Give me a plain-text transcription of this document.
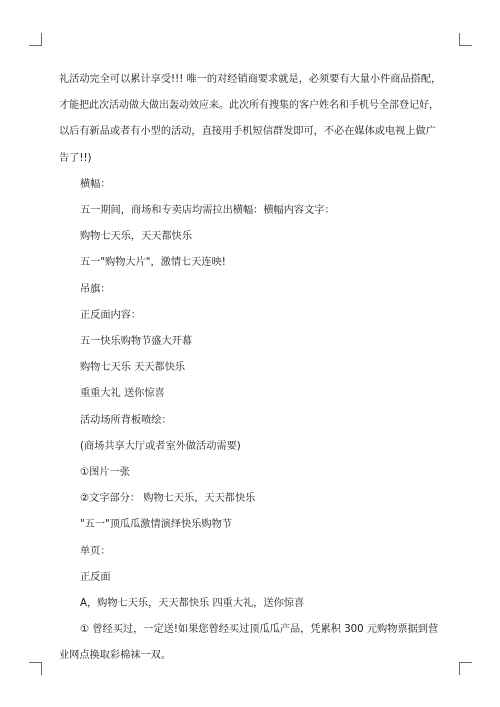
礼活动完全可以累计享受!!! 唯一的对经销商要求就是，必须要有大量小件商品搭配，

才能把此次活动做大做出轰动效应来。此次所有搜集的客户姓名和手机号全部登记好，

以后有新品或者有小型的活动，直接用手机短信群发即可，不必在媒体或电视上做广

告了!!)

横幅：

五一期间，商场和专卖店均需拉出横幅：横幅内容文字：

购物七天乐，天天都快乐

五一"购物大片"，激情七天连映!

吊旗：

正反面内容：

五一快乐购物节盛大开幕

购物七天乐 天天都快乐

重重大礼 送你惊喜

活动场所背板喷绘：

(商场共享大厅或者室外做活动需要)

①图片一张

②文字部分： 购物七天乐，天天都快乐

"五一"顶瓜瓜激情演绎快乐购物节

单页：

正反面

A，购物七天乐，天天都快乐 四重大礼，送你惊喜

① 曾经买过，一定送!如果您曾经买过顶瓜瓜产品，凭累积 300 元购物票据到营

业网点换取彩棉袜一双。
